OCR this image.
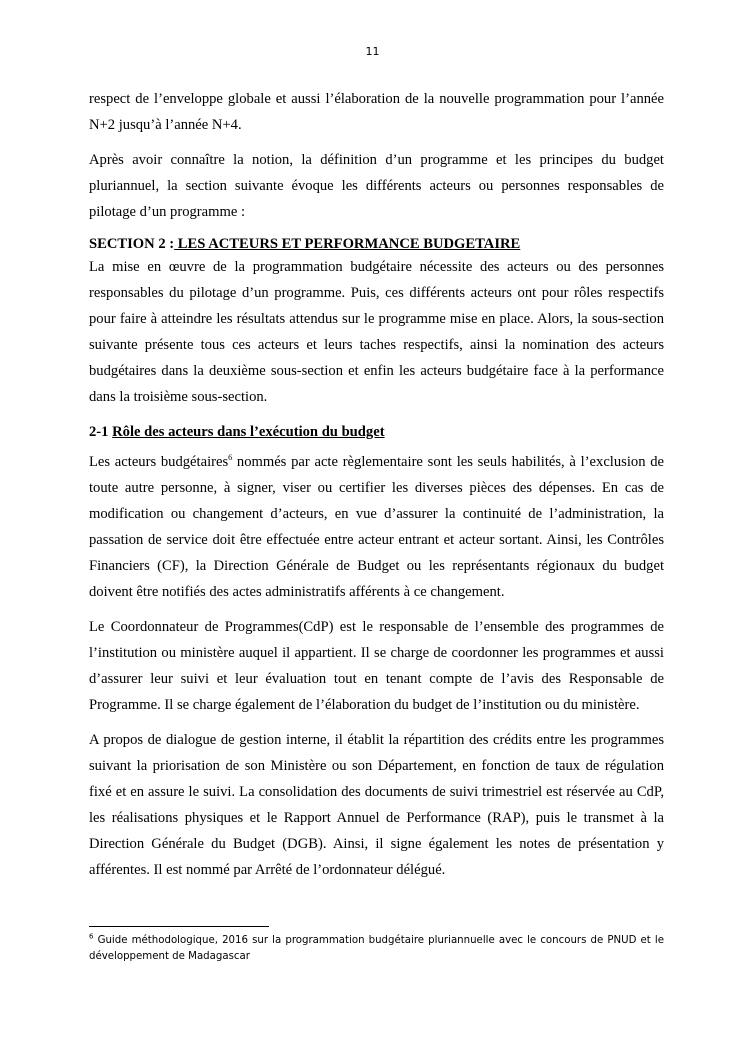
11

respect de l’enveloppe globale et aussi l’élaboration de la nouvelle programmation pour l’année N+2 jusqu’à l’année N+4.

Après avoir connaître la notion, la définition d’un programme et les principes du budget pluriannuel, la section suivante évoque les différents acteurs ou personnes responsables de pilotage d’un programme :

SECTION 2 : LES ACTEURS ET PERFORMANCE BUDGETAIRE

La mise en œuvre de la programmation budgétaire nécessite des acteurs ou des personnes responsables du pilotage d’un programme. Puis, ces différents acteurs ont pour rôles respectifs pour faire à atteindre les résultats attendus sur le programme mise en place. Alors, la sous-section suivante présente tous ces acteurs et leurs taches respectifs, ainsi la nomination des acteurs budgétaires dans la deuxième sous-section et enfin les acteurs budgétaire face à la performance dans la troisième sous-section.

2-1 Rôle des acteurs dans l’exécution du budget

Les acteurs budgétaires$^6$ nommés par acte règlementaire sont les seuls habilités, à l’exclusion de toute autre personne, à signer, viser ou certifier les diverses pièces des dépenses. En cas de modification ou changement d’acteurs, en vue d’assurer la continuité de l’administration, la passation de service doit être effectuée entre acteur entrant et acteur sortant. Ainsi, les Contrôles Financiers (CF), la Direction Générale de Budget ou les représentants régionaux du budget doivent être notifiés des actes administratifs afférents à ce changement.

Le Coordonnateur de Programmes(CdP) est le responsable de l’ensemble des programmes de l’institution ou ministère auquel il appartient. Il se charge de coordonner les programmes et aussi d’assurer leur suivi et leur évaluation tout en tenant compte de l’avis des Responsable de Programme. Il se charge également de l’élaboration du budget de l’institution ou du ministère.

A propos de dialogue de gestion interne, il établit la répartition des crédits entre les programmes suivant la priorisation de son Ministère ou son Département, en fonction de taux de régulation fixé et en assure le suivi. La consolidation des documents de suivi trimestriel est réservée au CdP, les réalisations physiques et le Rapport Annuel de Performance (RAP), puis le transmet à la Direction Générale du Budget (DGB). Ainsi, il signe également les notes de présentation y afférentes. Il est nommé par Arrêté de l’ordonnateur délégué.

$^6$ Guide méthodologique, 2016 sur la programmation budgétaire pluriannuelle avec le concours de PNUD et le développement de Madagascar
